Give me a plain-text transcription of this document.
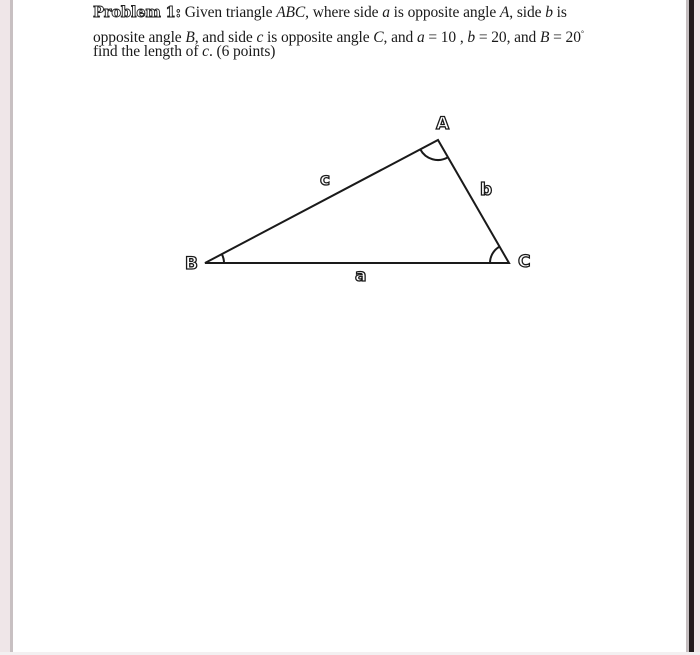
Problem 1: Given triangle ABC, where side a is opposite angle A, side b is
opposite angle B, and side c is opposite angle C, and a = 10 , b = 20, and B = 20°
find the length of c. (6 points)
A
B	C
c	b
a
